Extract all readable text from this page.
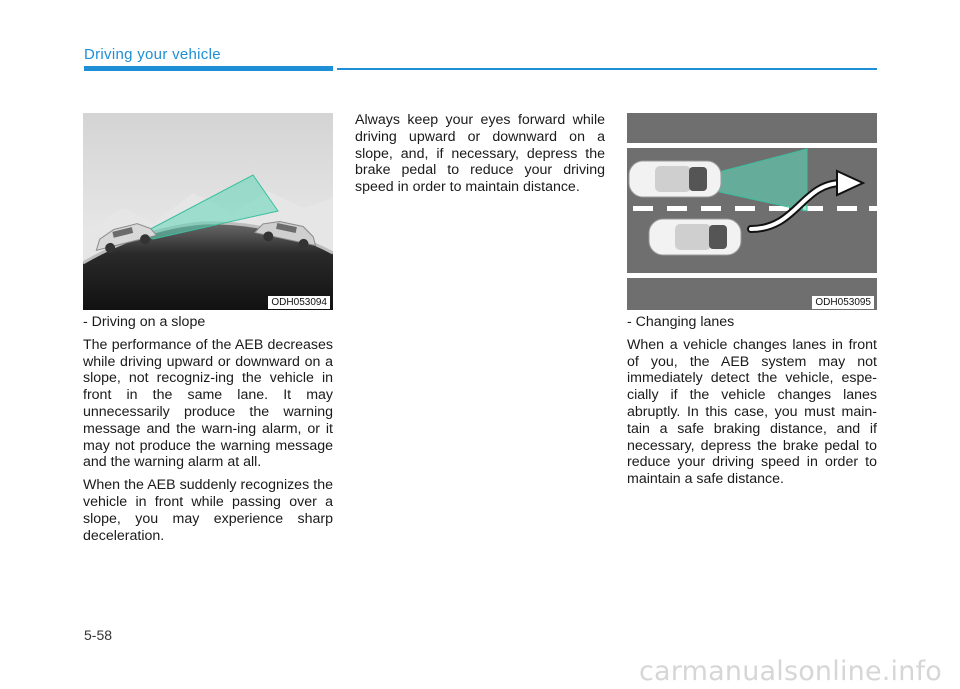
Driving your vehicle
ODH053094	ODH053095

- Driving on a slope

The performance of the AEB decreases while driving upward or downward on a slope, not recogniz-ing the vehicle in front in the same lane. It may unnecessarily produce the warning message and the warn-ing alarm, or it may not produce the warning message and the warning alarm at all.

When the AEB suddenly recognizes the vehicle in front while passing over a slope, you may experience sharp deceleration.

Always keep your eyes forward while driving upward or downward on a slope, and, if necessary, depress the brake pedal to reduce your driving speed in order to maintain distance.

- Changing lanes

When a vehicle changes lanes in front of you, the AEB system may not immediately detect the vehicle, espe-cially if the vehicle changes lanes abruptly. In this case, you must main-tain a safe braking distance, and if necessary, depress the brake pedal to reduce your driving speed in order to maintain a safe distance.

5-58
carmanualsonline.info
